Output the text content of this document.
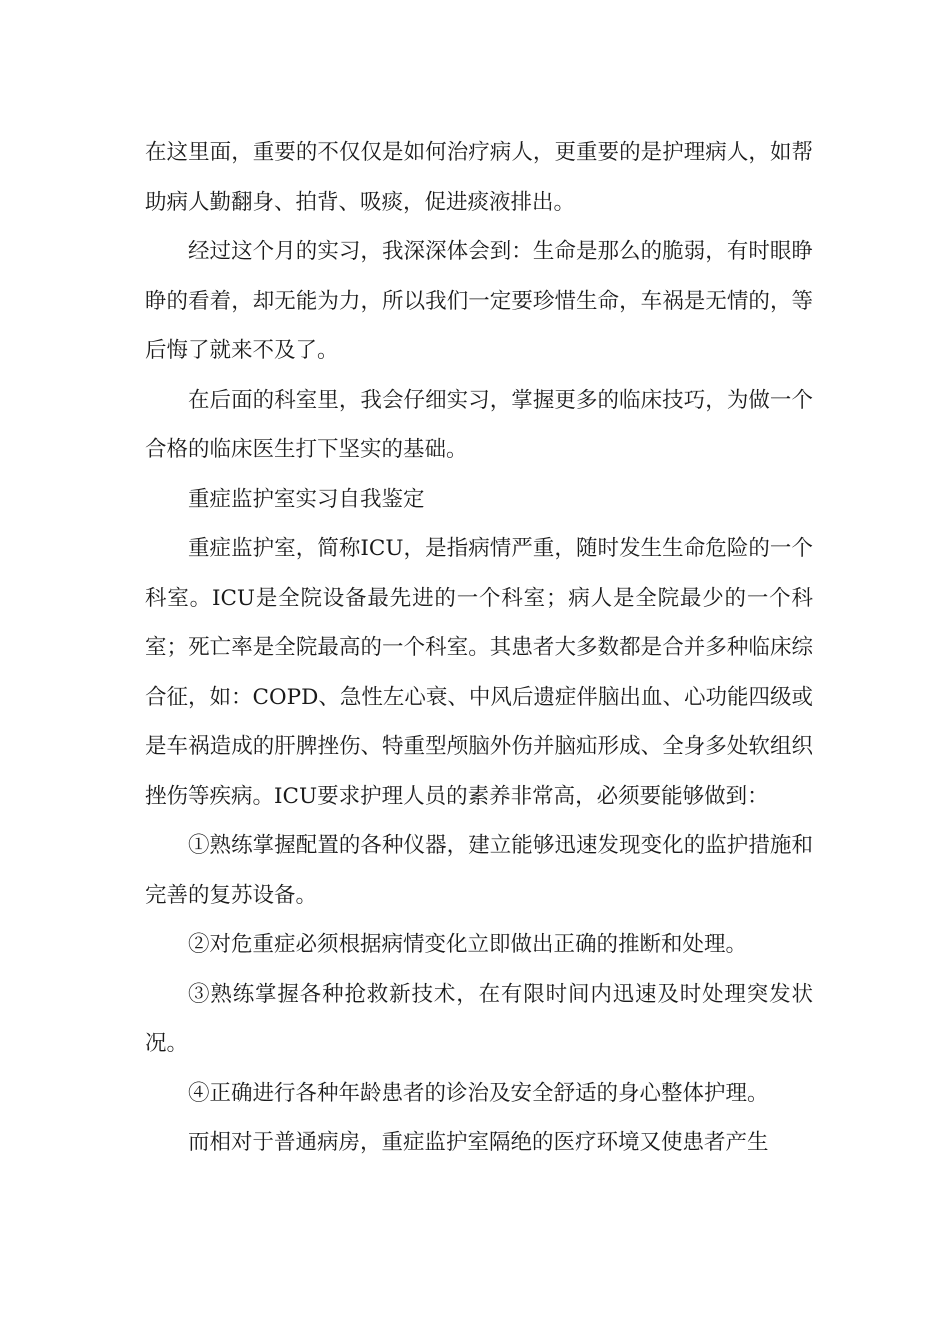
在这里面，重要的不仅仅是如何治疗病人，更重要的是护理病人，如帮助病人勤翻身、拍背、吸痰，促进痰液排出。

经过这个月的实习，我深深体会到：生命是那么的脆弱，有时眼睁睁的看着，却无能为力，所以我们一定要珍惜生命，车祸是无情的，等后悔了就来不及了。

在后面的科室里，我会仔细实习，掌握更多的临床技巧，为做一个合格的临床医生打下坚实的基础。

重症监护室实习自我鉴定

重症监护室，简称ICU，是指病情严重，随时发生生命危险的一个科室。ICU是全院设备最先进的一个科室；病人是全院最少的一个科室；死亡率是全院最高的一个科室。其患者大多数都是合并多种临床综合征，如：COPD、急性左心衰、中风后遗症伴脑出血、心功能四级或是车祸造成的肝脾挫伤、特重型颅脑外伤并脑疝形成、全身多处软组织挫伤等疾病。ICU要求护理人员的素养非常高，必须要能够做到：

①熟练掌握配置的各种仪器，建立能够迅速发现变化的监护措施和完善的复苏设备。

②对危重症必须根据病情变化立即做出正确的推断和处理。

③熟练掌握各种抢救新技术，在有限时间内迅速及时处理突发状况。

④正确进行各种年龄患者的诊治及安全舒适的身心整体护理。

而相对于普通病房，重症监护室隔绝的医疗环境又使患者产生
